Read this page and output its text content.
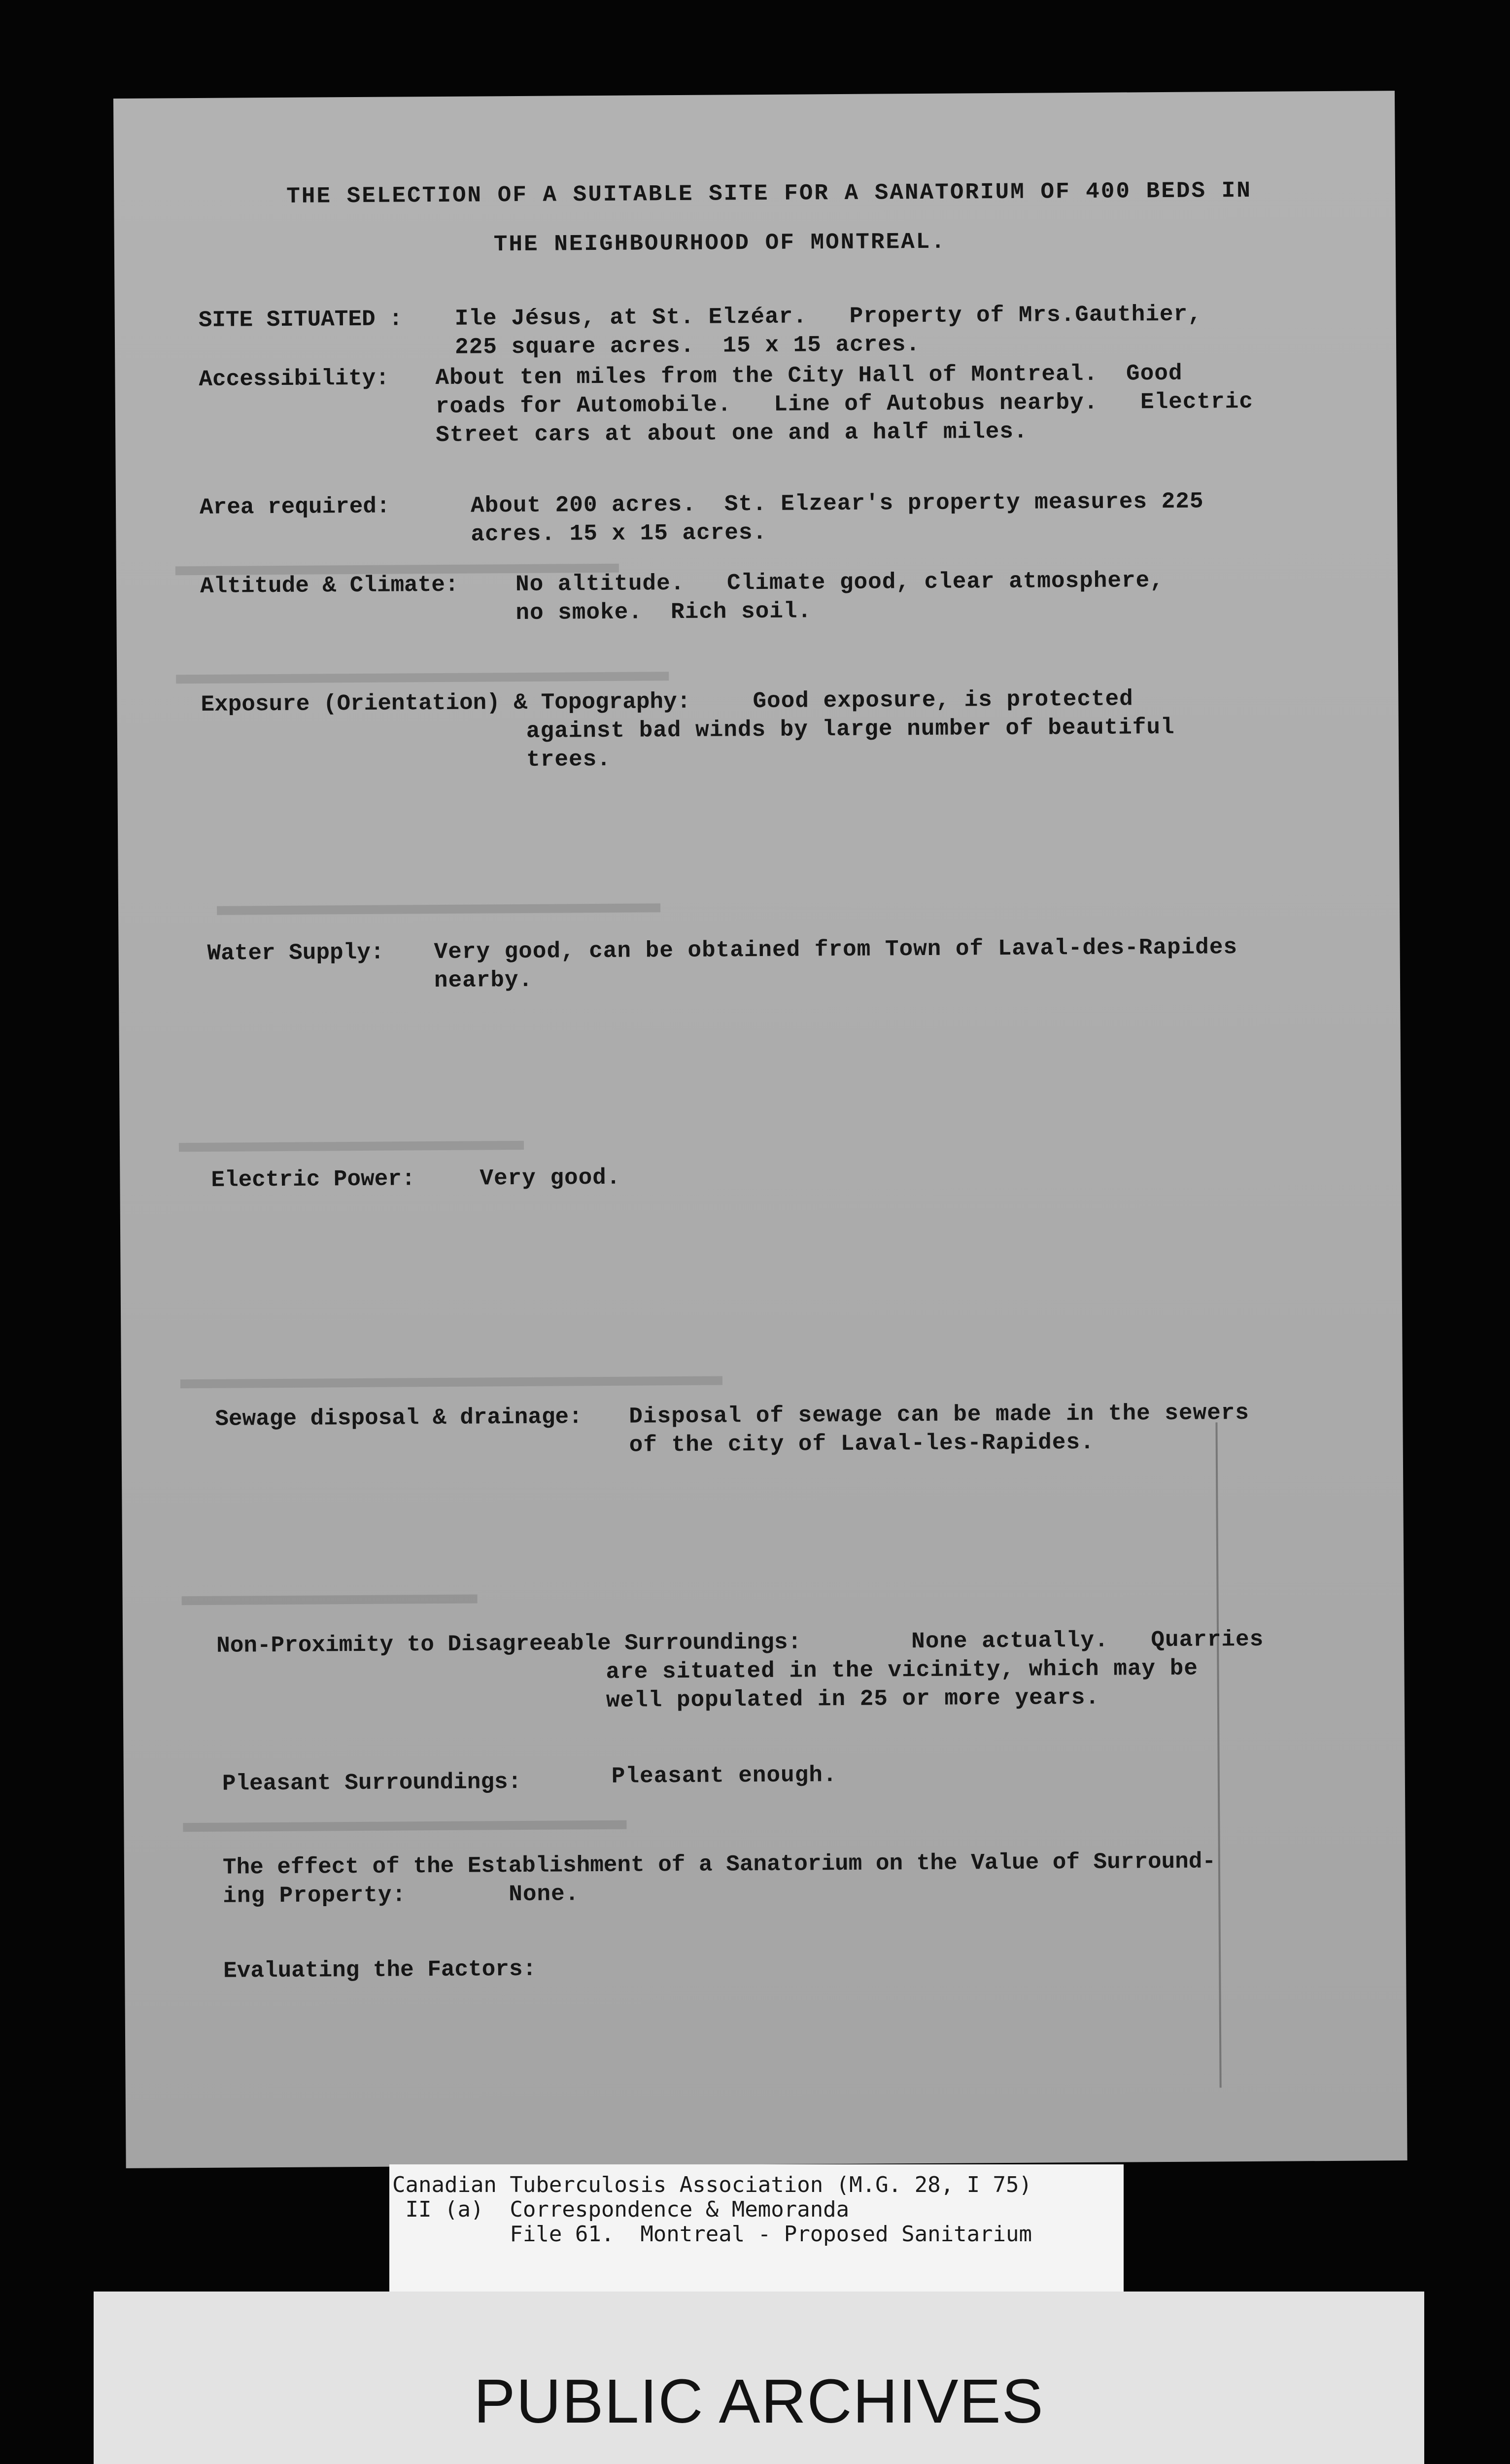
THE SELECTION OF A SUITABLE SITE FOR A SANATORIUM OF 400 BEDS IN
THE NEIGHBOURHOOD OF MONTREAL.
SITE SITUATED : Ile Jésus, at St. Elzéar.   Property of Mrs.Gauthier,
225 square acres.  15 x 15 acres.
Accessibility: About ten miles from the City Hall of Montreal.  Good
roads for Automobile.   Line of Autobus nearby.   Electric
Street cars at about one and a half miles.
Area required:	About 200 acres.  St. Elzear's property measures 225
acres. 15 x 15 acres.
Altitude & Climate:	No altitude.   Climate good, clear atmosphere,
no smoke.  Rich soil.
Exposure (Orientation) & Topography:	Good exposure, is protected
against bad winds by large number of beautiful
trees.
Water Supply: Very good, can be obtained from Town of Laval-des-Rapides
nearby.
Electric Power:	Very good.
Sewage disposal & drainage: Disposal of sewage can be made in the sewers
of the city of Laval-les-Rapides.
Non-Proximity to Disagreeable Surroundings:	None actually.   Quarries
are situated in the vicinity, which may be
well populated in 25 or more years.
Pleasant Surroundings:	Pleasant enough.
The effect of the Establishment of a Sanatorium on the Value of Surround-
ing Property:	None.
Evaluating the Factors:
Canadian Tuberculosis Association (M.G. 28, I 75)
II (a)  Correspondence & Memoranda
File 61.  Montreal - Proposed Sanitarium
PUBLIC ARCHIVES
